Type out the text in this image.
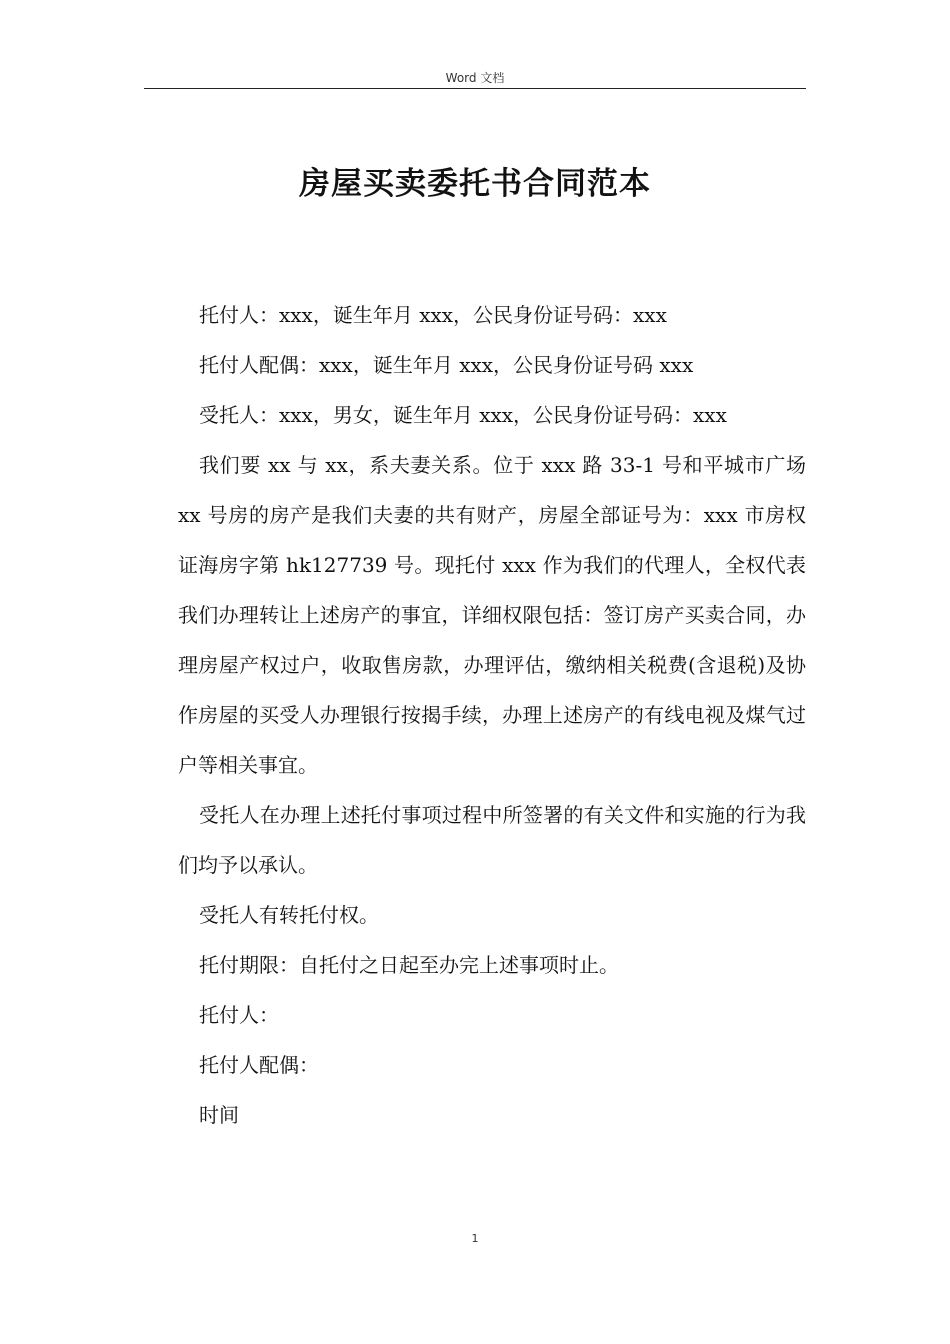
Word 文档
房屋买卖委托书合同范本

托付人：xxx，诞生年月 xxx，公民身份证号码：xxx

托付人配偶：xxx，诞生年月 xxx，公民身份证号码 xxx

受托人：xxx，男女，诞生年月 xxx，公民身份证号码：xxx

我们要 xx 与 xx，系夫妻关系。位于 xxx 路 33-1 号和平城市广场 xx 号房的房产是我们夫妻的共有财产，房屋全部证号为：xxx 市房权证海房字第 hk127739 号。现托付 xxx 作为我们的代理人，全权代表我们办理转让上述房产的事宜，详细权限包括：签订房产买卖合同，办理房屋产权过户，收取售房款，办理评估，缴纳相关税费(含退税)及协作房屋的买受人办理银行按揭手续，办理上述房产的有线电视及煤气过户等相关事宜。

受托人在办理上述托付事项过程中所签署的有关文件和实施的行为我们均予以承认。

受托人有转托付权。

托付期限：自托付之日起至办完上述事项时止。

托付人：

托付人配偶：

时间

1
